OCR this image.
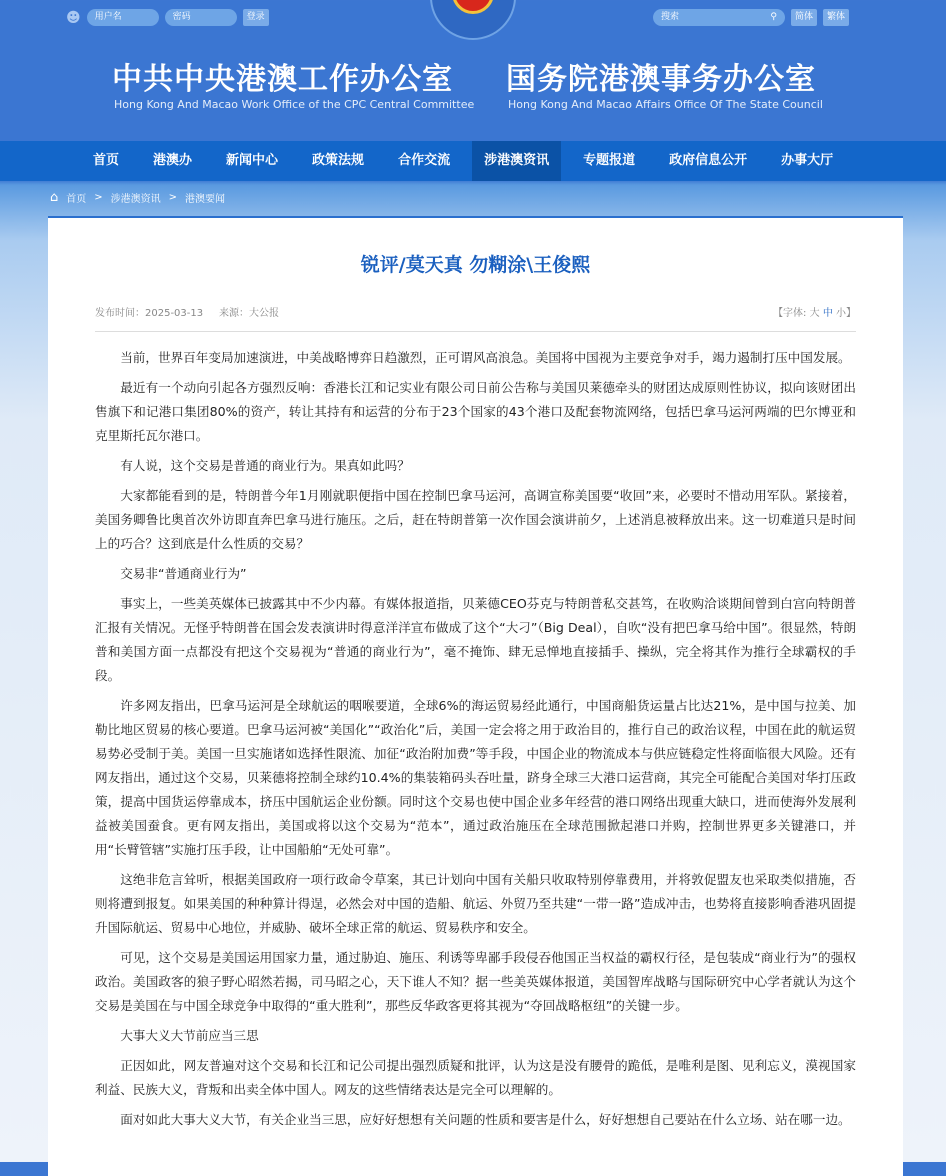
☻	用户名	密码	登录	搜索	⚲	简体	繁体
中共中央港澳工作办公室
Hong Kong And Macao Work Office of the CPC Central Committee
国务院港澳事务办公室
Hong Kong And Macao Affairs Office Of The State Council
首页	港澳办	新闻中心	政策法规	合作交流	涉港澳资讯	专题报道	政府信息公开	办事大厅
⌂ 首页 > 涉港澳资讯 > 港澳要闻
锐评/莫天真 勿糊涂\王俊熙
发布时间：2025-03-13 来源：大公报	【字体: 大 中 小】

当前，世界百年变局加速演进，中美战略博弈日趋激烈，正可谓风高浪急。美国将中国视为主要竞争对手，竭力遏制打压中国发展。

最近有一个动向引起各方强烈反响：香港长江和记实业有限公司日前公告称与美国贝莱德牵头的财团达成原则性协议，拟向该财团出售旗下和记港口集团80%的资产，转让其持有和运营的分布于23个国家的43个港口及配套物流网络，包括巴拿马运河两端的巴尔博亚和克里斯托瓦尔港口。

有人说，这个交易是普通的商业行为。果真如此吗？

大家都能看到的是，特朗普今年1月刚就职便指中国在控制巴拿马运河，高调宣称美国要“收回”来，必要时不惜动用军队。紧接着，美国务卿鲁比奥首次外访即直奔巴拿马进行施压。之后，赶在特朗普第一次作国会演讲前夕，上述消息被释放出来。这一切难道只是时间上的巧合？这到底是什么性质的交易？

交易非“普通商业行为”

事实上，一些美英媒体已披露其中不少内幕。有媒体报道指，贝莱德CEO芬克与特朗普私交甚笃，在收购洽谈期间曾到白宫向特朗普汇报有关情况。无怪乎特朗普在国会发表演讲时得意洋洋宣布做成了这个“大刁”（Big Deal），自吹“没有把巴拿马给中国”。很显然，特朗普和美国方面一点都没有把这个交易视为“普通的商业行为”，毫不掩饰、肆无忌惮地直接插手、操纵，完全将其作为推行全球霸权的手段。

许多网友指出，巴拿马运河是全球航运的咽喉要道，全球6%的海运贸易经此通行，中国商船货运量占比达21%，是中国与拉美、加勒比地区贸易的核心要道。巴拿马运河被“美国化”“政治化”后，美国一定会将之用于政治目的，推行自己的政治议程，中国在此的航运贸易势必受制于美。美国一旦实施诸如选择性限流、加征“政治附加费”等手段，中国企业的物流成本与供应链稳定性将面临很大风险。还有网友指出，通过这个交易，贝莱德将控制全球约10.4%的集装箱码头吞吐量，跻身全球三大港口运营商，其完全可能配合美国对华打压政策，提高中国货运停靠成本，挤压中国航运企业份额。同时这个交易也使中国企业多年经营的港口网络出现重大缺口，进而使海外发展利益被美国蚕食。更有网友指出，美国或将以这个交易为“范本”，通过政治施压在全球范围掀起港口并购，控制世界更多关键港口，并用“长臂管辖”实施打压手段，让中国船舶“无处可靠”。

这绝非危言耸听，根据美国政府一项行政命令草案，其已计划向中国有关船只收取特别停靠费用，并将敦促盟友也采取类似措施，否则将遭到报复。如果美国的种种算计得逞，必然会对中国的造船、航运、外贸乃至共建“一带一路”造成冲击，也势将直接影响香港巩固提升国际航运、贸易中心地位，并威胁、破坏全球正常的航运、贸易秩序和安全。

可见，这个交易是美国运用国家力量，通过胁迫、施压、利诱等卑鄙手段侵吞他国正当权益的霸权行径，是包装成“商业行为”的强权政治。美国政客的狼子野心昭然若揭，司马昭之心，天下谁人不知？据一些美英媒体报道，美国智库战略与国际研究中心学者就认为这个交易是美国在与中国全球竞争中取得的“重大胜利”，那些反华政客更将其视为“夺回战略枢纽”的关键一步。

大事大义大节前应当三思

正因如此，网友普遍对这个交易和长江和记公司提出强烈质疑和批评，认为这是没有腰骨的跪低，是唯利是图、见利忘义，漠视国家利益、民族大义，背叛和出卖全体中国人。网友的这些情绪表达是完全可以理解的。

面对如此大事大义大节，有关企业当三思，应好好想想有关问题的性质和要害是什么，好好想想自己要站在什么立场、站在哪一边。
